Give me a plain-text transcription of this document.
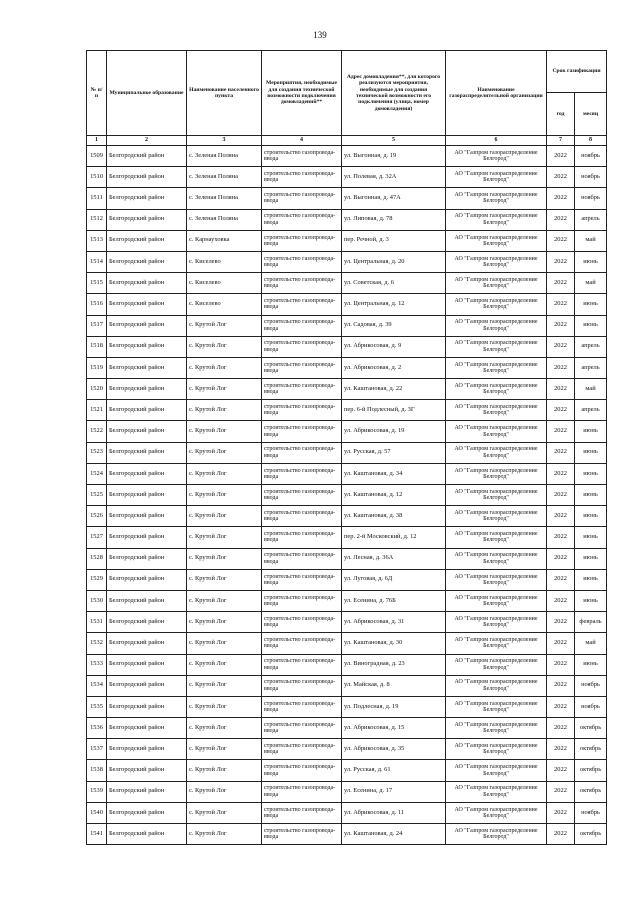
139
№ п/п	Муниципальное образование	Наименование населенного пункта	Мероприятия, необходимые для создания технической возможности подключения домовладений**	Адрес домовладения**, для которого реализуются мероприятия, необходимые для создания технической возможности его подключения (улица, номер домовладения)	Наименование газораспределительной организации	Срок газификации	
						год	месяц
1	2	3	4	5	6	7	8
1509	Белгородский район	с. Зеленая Поляна	строительство газопровода-ввода	ул. Выгонная, д. 19	АО "Газпром газораспределение Белгород"	2022	ноябрь
1510	Белгородский район	с. Зеленая Поляна	строительство газопровода-ввода	ул. Полевая, д. 32А	АО "Газпром газораспределение Белгород"	2022	ноябрь
1511	Белгородский район	с. Зеленая Поляна	строительство газопровода-ввода	ул. Выгонная, д. 47А	АО "Газпром газораспределение Белгород"	2022	ноябрь
1512	Белгородский район	с. Зеленая Поляна	строительство газопровода-ввода	ул. Липовая, д. 78	АО "Газпром газораспределение Белгород"	2022	апрель
1513	Белгородский район	с. Карнауховка	строительство газопровода-ввода	пер. Речной, д. 3	АО "Газпром газораспределение Белгород"	2022	май
1514	Белгородский район	с. Киселево	строительство газопровода-ввода	ул. Центральная, д. 20	АО "Газпром газораспределение Белгород"	2022	июнь
1515	Белгородский район	с. Киселево	строительство газопровода-ввода	ул. Советская, д. 6	АО "Газпром газораспределение Белгород"	2022	май
1516	Белгородский район	с. Киселево	строительство газопровода-ввода	ул. Центральная, д. 12	АО "Газпром газораспределение Белгород"	2022	июнь
1517	Белгородский район	с. Крутой Лог	строительство газопровода-ввода	ул. Садовая, д. 39	АО "Газпром газораспределение Белгород"	2022	июнь
1518	Белгородский район	с. Крутой Лог	строительство газопровода-ввода	ул. Абрикосовая, д. 9	АО "Газпром газораспределение Белгород"	2022	апрель
1519	Белгородский район	с. Крутой Лог	строительство газопровода-ввода	ул. Абрикосовая, д. 2	АО "Газпром газораспределение Белгород"	2022	апрель
1520	Белгородский район	с. Крутой Лог	строительство газопровода-ввода	ул. Каштановая, д. 22	АО "Газпром газораспределение Белгород"	2022	май
1521	Белгородский район	с. Крутой Лог	строительство газопровода-ввода	пер. 6-й Подлесный, д. 3Г	АО "Газпром газораспределение Белгород"	2022	апрель
1522	Белгородский район	с. Крутой Лог	строительство газопровода-ввода	ул. Абрикосовая, д. 19	АО "Газпром газораспределение Белгород"	2022	июнь
1523	Белгородский район	с. Крутой Лог	строительство газопровода-ввода	ул. Русская, д. 57	АО "Газпром газораспределение Белгород"	2022	июнь
1524	Белгородский район	с. Крутой Лог	строительство газопровода-ввода	ул. Каштановая, д. 34	АО "Газпром газораспределение Белгород"	2022	июнь
1525	Белгородский район	с. Крутой Лог	строительство газопровода-ввода	ул. Каштановая, д. 12	АО "Газпром газораспределение Белгород"	2022	июнь
1526	Белгородский район	с. Крутой Лог	строительство газопровода-ввода	ул. Каштановая, д. 38	АО "Газпром газораспределение Белгород"	2022	июнь
1527	Белгородский район	с. Крутой Лог	строительство газопровода-ввода	пер. 2-й Московский, д. 12	АО "Газпром газораспределение Белгород"	2022	июнь
1528	Белгородский район	с. Крутой Лог	строительство газопровода-ввода	ул. Лесная, д. 36А	АО "Газпром газораспределение Белгород"	2022	июнь
1529	Белгородский район	с. Крутой Лог	строительство газопровода-ввода	ул. Луговая, д. 6Д	АО "Газпром газораспределение Белгород"	2022	июнь
1530	Белгородский район	с. Крутой Лог	строительство газопровода-ввода	ул. Есенина, д. 76Б	АО "Газпром газораспределение Белгород"	2022	июнь
1531	Белгородский район	с. Крутой Лог	строительство газопровода-ввода	ул. Абрикосовая, д. 31	АО "Газпром газораспределение Белгород"	2022	февраль
1532	Белгородский район	с. Крутой Лог	строительство газопровода-ввода	ул. Каштановая, д. 30	АО "Газпром газораспределение Белгород"	2022	май
1533	Белгородский район	с. Крутой Лог	строительство газопровода-ввода	ул. Виноградная, д. 23	АО "Газпром газораспределение Белгород"	2022	июнь
1534	Белгородский район	с. Крутой Лог	строительство газопровода-ввода	ул. Майская, д. 8	АО "Газпром газораспределение Белгород"	2022	ноябрь
1535	Белгородский район	с. Крутой Лог	строительство газопровода-ввода	ул. Подлесная, д. 19	АО "Газпром газораспределение Белгород"	2022	ноябрь
1536	Белгородский район	с. Крутой Лог	строительство газопровода-ввода	ул. Абрикосовая, д. 15	АО "Газпром газораспределение Белгород"	2022	октябрь
1537	Белгородский район	с. Крутой Лог	строительство газопровода-ввода	ул. Абрикосовая, д. 35	АО "Газпром газораспределение Белгород"	2022	октябрь
1538	Белгородский район	с. Крутой Лог	строительство газопровода-ввода	ул. Русская, д. 61	АО "Газпром газораспределение Белгород"	2022	октябрь
1539	Белгородский район	с. Крутой Лог	строительство газопровода-ввода	ул. Есенина, д. 17	АО "Газпром газораспределение Белгород"	2022	октябрь
1540	Белгородский район	с. Крутой Лог	строительство газопровода-ввода	ул. Абрикосовая, д. 11	АО "Газпром газораспределение Белгород"	2022	ноябрь
1541	Белгородский район	с. Крутой Лог	строительство газопровода-ввода	ул. Каштановая, д. 24	АО "Газпром газораспределение Белгород"	2022	октябрь
